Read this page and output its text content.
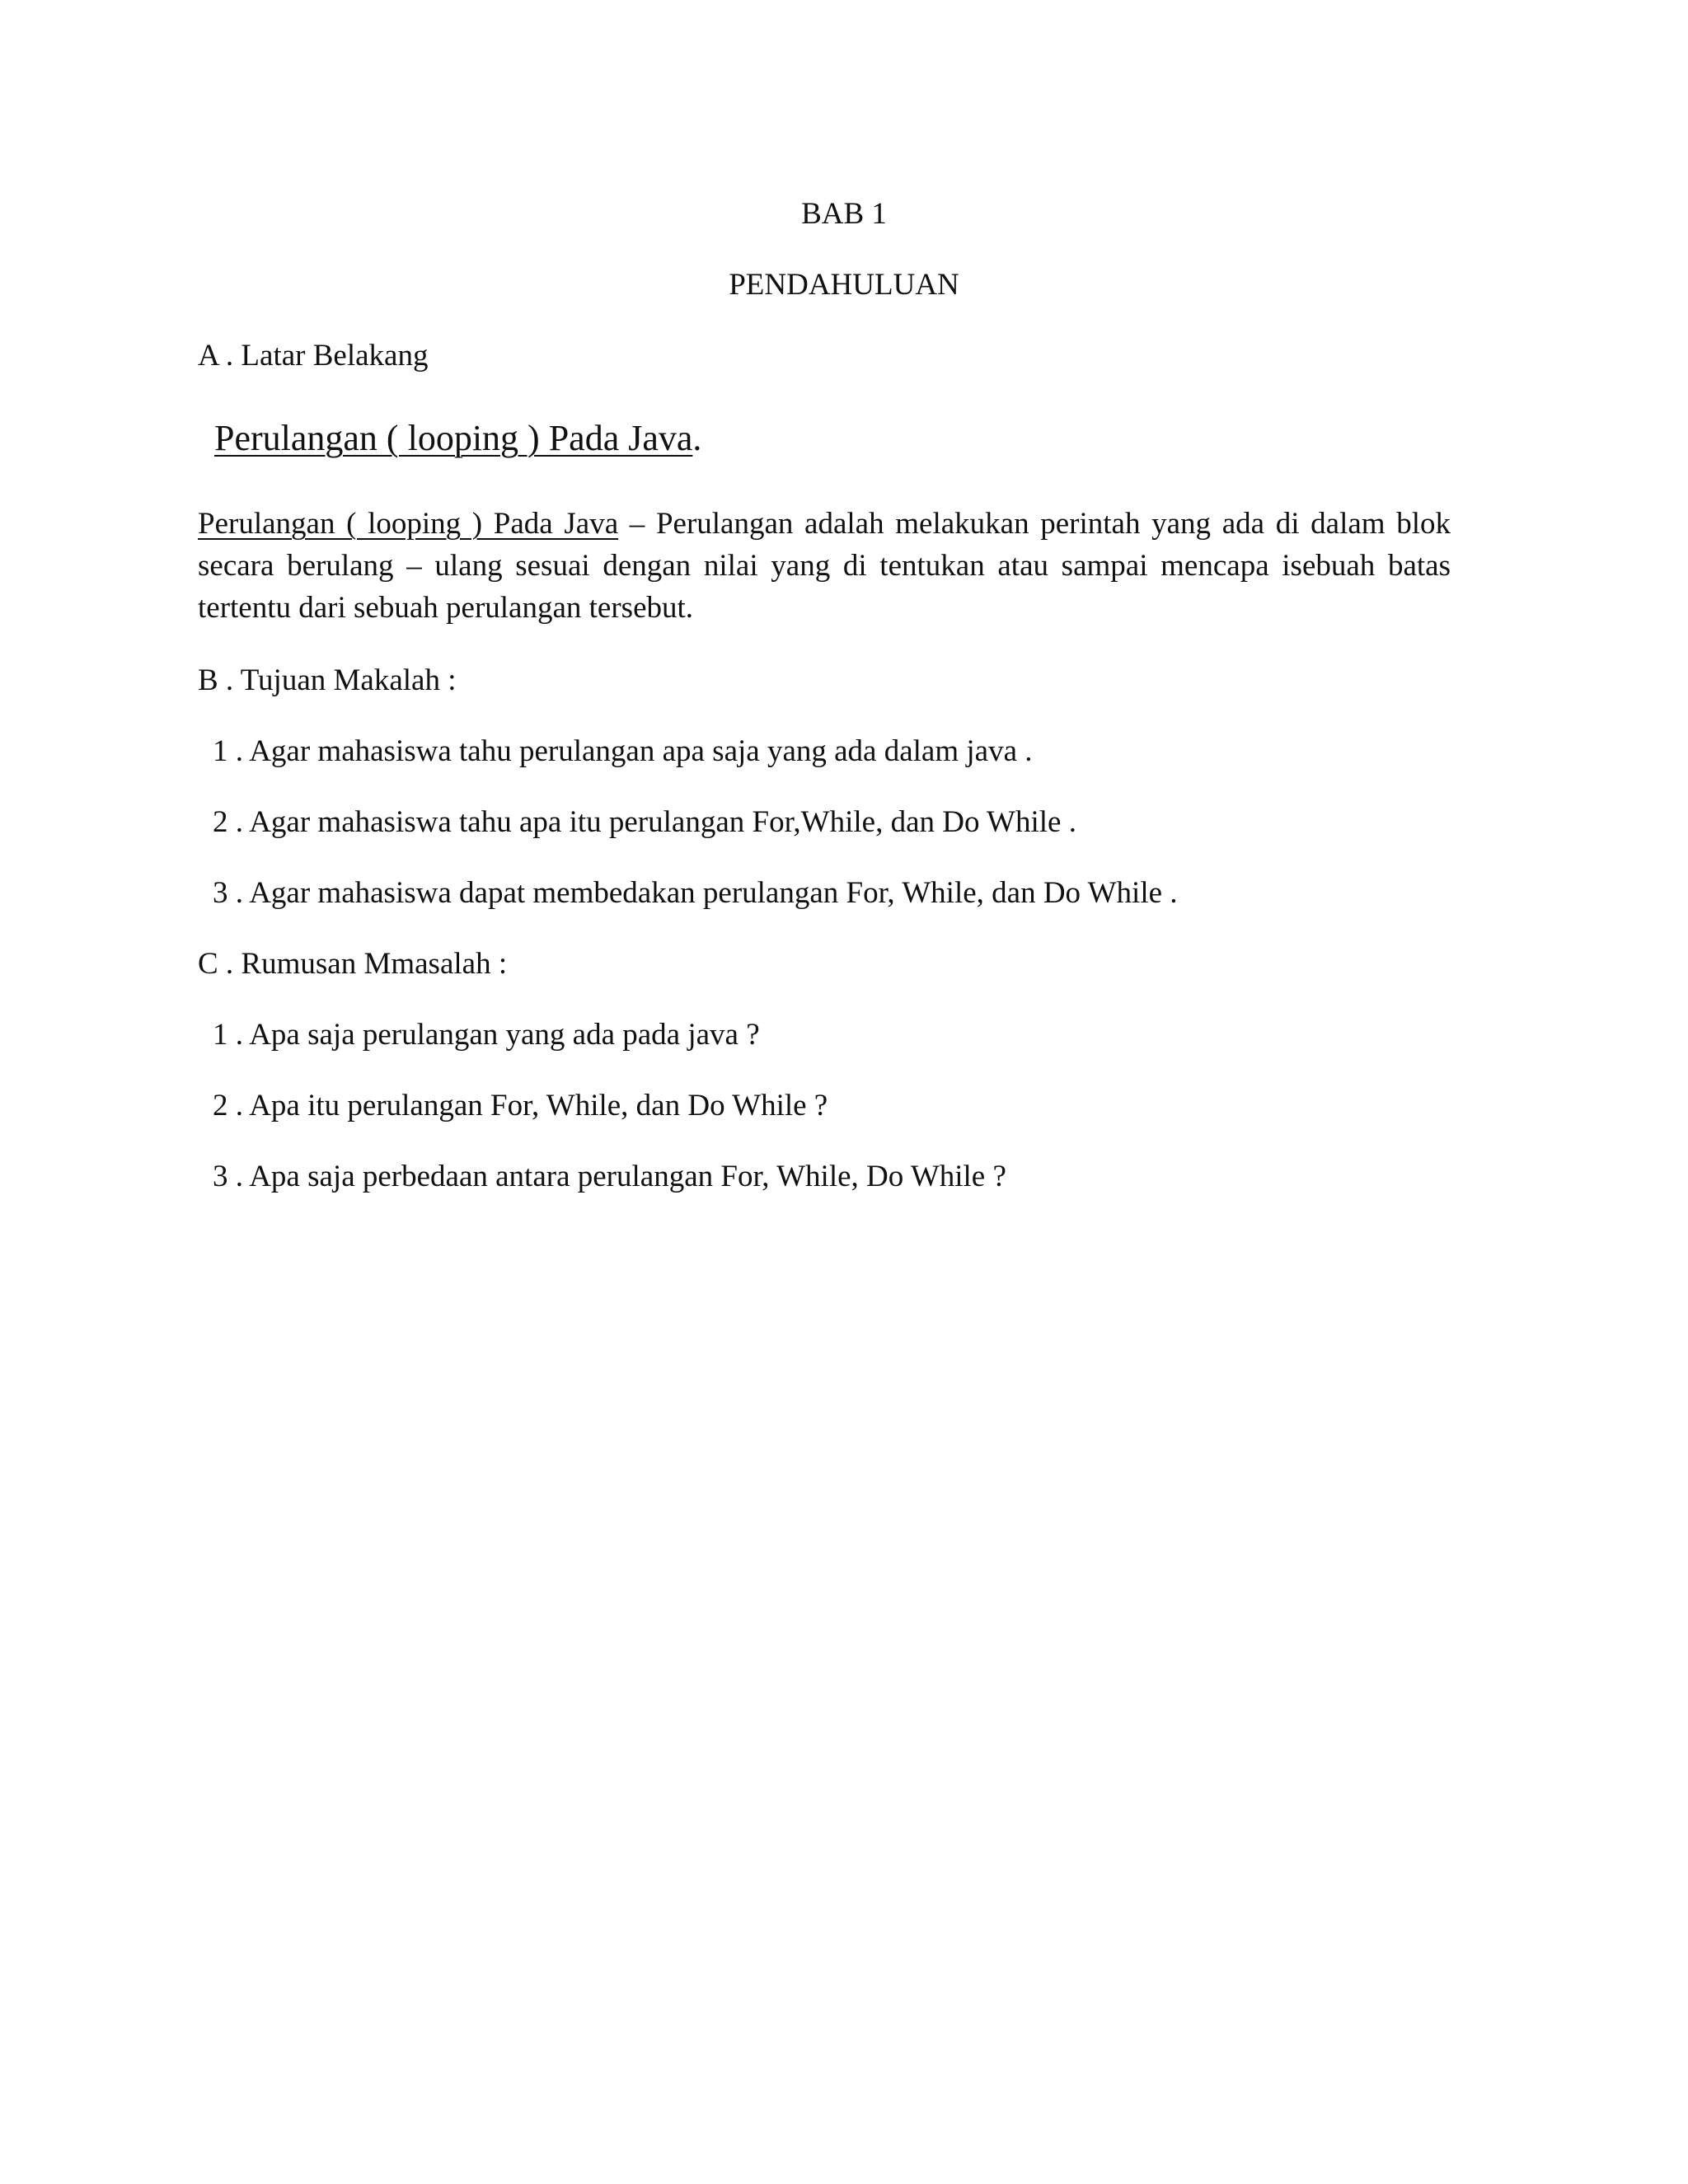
BAB 1
PENDAHULUAN
A . Latar Belakang
Perulangan ( looping ) Pada Java.
Perulangan ( looping ) Pada Java – Perulangan adalah melakukan perintah yang ada di dalam blok secara berulang – ulang sesuai dengan nilai yang di tentukan atau sampai mencapa isebuah batas tertentu dari sebuah perulangan tersebut.
B . Tujuan Makalah :
1 . Agar mahasiswa tahu perulangan apa saja yang ada dalam java .
2 . Agar mahasiswa tahu apa itu perulangan For,While, dan Do While .
3 . Agar mahasiswa dapat membedakan perulangan For, While, dan Do While .
C . Rumusan Mmasalah :
1 . Apa saja perulangan yang ada pada java ?
2 . Apa itu perulangan For, While, dan Do While ?
3 . Apa saja perbedaan antara perulangan For, While, Do While ?
